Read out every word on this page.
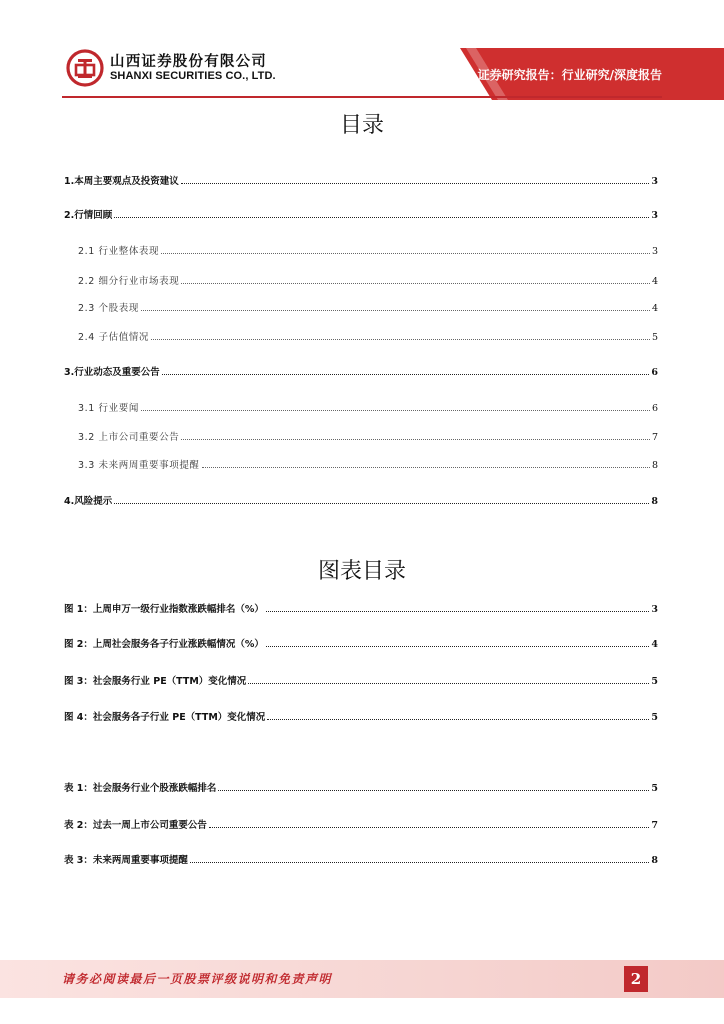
山西证券股份有限公司
SHANXI SECURITIES CO., LTD.	证券研究报告：行业研究/深度报告
目录
1.本周主要观点及投资建议	3
2.行情回顾	3
2.1 行业整体表现	3
2.2 细分行业市场表现	4
2.3 个股表现	4
2.4 子估值情况	5
3.行业动态及重要公告	6
3.1 行业要闻	6
3.2 上市公司重要公告	7
3.3 未来两周重要事项提醒	8
4.风险提示	8
图表目录
图 1：上周申万一级行业指数涨跌幅排名（%）	3
图 2：上周社会服务各子行业涨跌幅情况（%）	4
图 3：社会服务行业 PE（TTM）变化情况	5
图 4：社会服务各子行业 PE（TTM）变化情况	5
表 1：社会服务行业个股涨跌幅排名	5
表 2：过去一周上市公司重要公告	7
表 3：未来两周重要事项提醒	8
请务必阅读最后一页股票评级说明和免责声明	2
